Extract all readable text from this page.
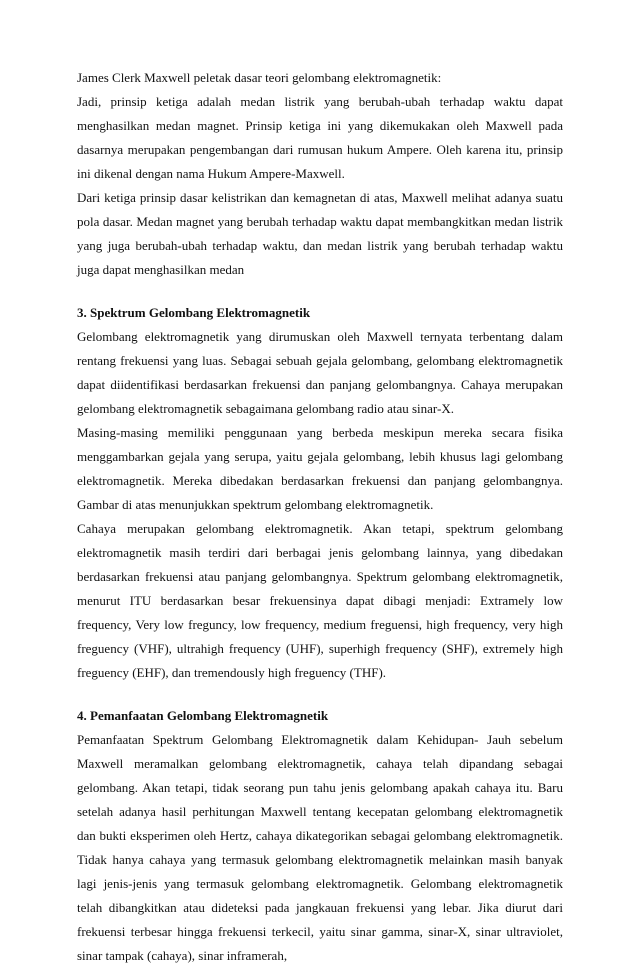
James Clerk Maxwell peletak dasar teori gelombang elektromagnetik:

Jadi, prinsip ketiga adalah medan listrik yang berubah-ubah terhadap waktu dapat menghasilkan medan magnet. Prinsip ketiga ini yang dikemukakan oleh Maxwell pada dasarnya merupakan pengembangan dari rumusan hukum Ampere. Oleh karena itu, prinsip ini dikenal dengan nama Hukum Ampere-Maxwell.

Dari ketiga prinsip dasar kelistrikan dan kemagnetan di atas, Maxwell melihat adanya suatu pola dasar. Medan magnet yang berubah terhadap waktu dapat membangkitkan medan listrik yang juga berubah-ubah terhadap waktu, dan medan listrik yang berubah terhadap waktu juga dapat menghasilkan medan

3. Spektrum Gelombang Elektromagnetik

Gelombang elektromagnetik yang dirumuskan oleh Maxwell ternyata terbentang dalam rentang frekuensi yang luas. Sebagai sebuah gejala gelombang, gelombang elektromagnetik dapat diidentifikasi berdasarkan frekuensi dan panjang gelombangnya. Cahaya merupakan gelombang elektromagnetik sebagaimana gelombang radio atau sinar-X.

Masing-masing memiliki penggunaan yang berbeda meskipun mereka secara fisika menggambarkan gejala yang serupa, yaitu gejala gelombang, lebih khusus lagi gelombang elektromagnetik. Mereka dibedakan berdasarkan frekuensi dan panjang gelombangnya. Gambar di atas menunjukkan spektrum gelombang elektromagnetik.

Cahaya merupakan gelombang elektromagnetik. Akan tetapi, spektrum gelombang elektromagnetik masih terdiri dari berbagai jenis gelombang lainnya, yang dibedakan berdasarkan frekuensi atau panjang gelombangnya. Spektrum gelombang elektromagnetik, menurut ITU berdasarkan besar frekuensinya dapat dibagi menjadi: Extramely low frequency, Very low freguncy, low frequency, medium freguensi, high frequency, very high freguency (VHF), ultrahigh frequency (UHF), superhigh frequency (SHF), extremely high freguency (EHF), dan tremendously high freguency (THF).

4. Pemanfaatan Gelombang Elektromagnetik

Pemanfaatan Spektrum Gelombang Elektromagnetik dalam Kehidupan- Jauh sebelum Maxwell meramalkan gelombang elektromagnetik, cahaya telah dipandang sebagai gelombang. Akan tetapi, tidak seorang pun tahu jenis gelombang apakah cahaya itu. Baru setelah adanya hasil perhitungan Maxwell tentang kecepatan gelombang elektromagnetik dan bukti eksperimen oleh Hertz, cahaya dikategorikan sebagai gelombang elektromagnetik. Tidak hanya cahaya yang termasuk gelombang elektromagnetik melainkan masih banyak lagi jenis-jenis yang termasuk gelombang elektromagnetik. Gelombang elektromagnetik telah dibangkitkan atau dideteksi pada jangkauan frekuensi yang lebar. Jika diurut dari frekuensi terbesar hingga frekuensi terkecil, yaitu sinar gamma, sinar-X, sinar ultraviolet, sinar tampak (cahaya), sinar inframerah,
